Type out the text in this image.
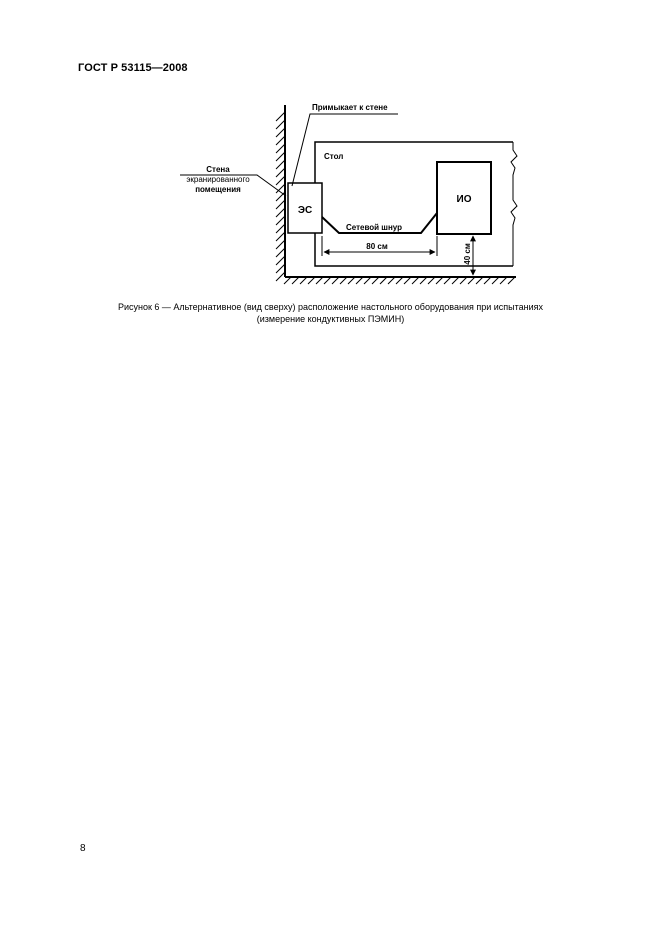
ГОСТ Р 53115—2008
ЭС
ИО
Сетевой шнур
80 см	40 см
Стол
Примыкает к стене
Стена
экранированного
помещения
Рисунок 6 — Альтернативное (вид сверху) расположение настольного оборудования при испытаниях
(измерение кондуктивных ПЭМИН)
8
